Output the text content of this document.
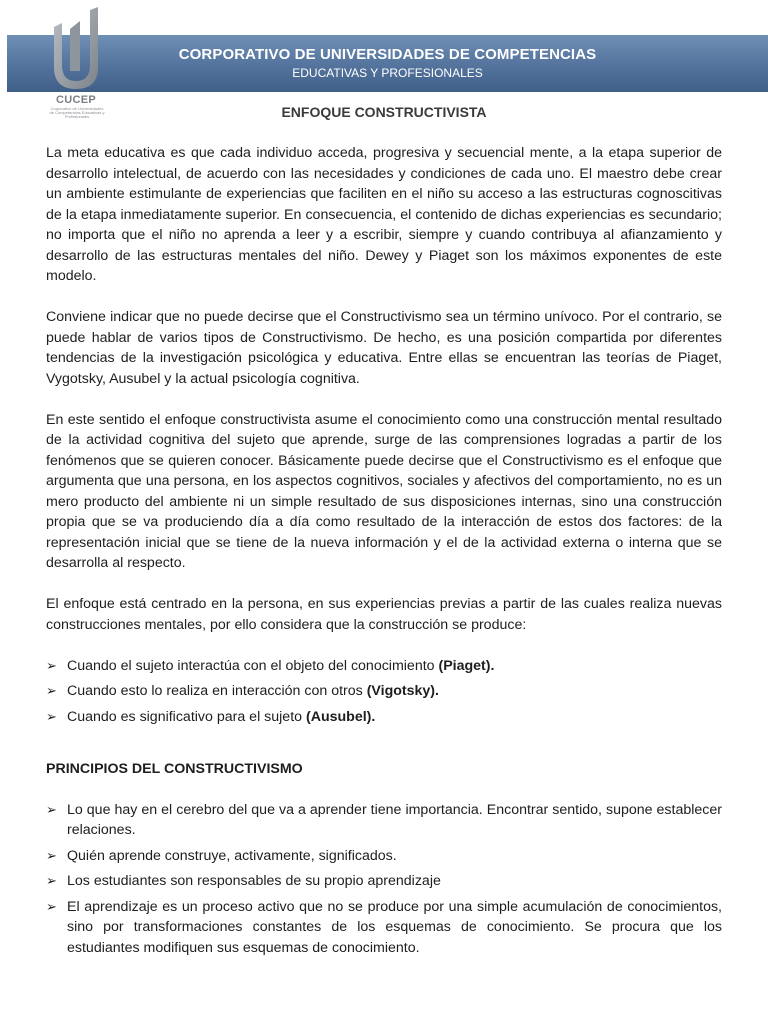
CORPORATIVO DE UNIVERSIDADES DE COMPETENCIAS
EDUCATIVAS Y PROFESIONALES
CUCEP
Corporativo de Universidades de Competencias Educativas y Profesionales	ENFOQUE CONSTRUCTIVISTA

La meta educativa es que cada individuo acceda, progresiva y secuencial mente, a la etapa superior de desarrollo intelectual, de acuerdo con las necesidades y condiciones de cada uno. El maestro debe crear un ambiente estimulante de experiencias que faciliten en el niño su acceso a las estructuras cognoscitivas de la etapa inmediatamente superior. En consecuencia, el contenido de dichas experiencias es secundario; no importa que el niño no aprenda a leer y a escribir, siempre y cuando contribuya al afianzamiento y desarrollo de las estructuras mentales del niño. Dewey y Piaget son los máximos exponentes de este modelo.

Conviene indicar que no puede decirse que el Constructivismo sea un término unívoco. Por el contrario, se puede hablar de varios tipos de Constructivismo. De hecho, es una posición compartida por diferentes tendencias de la investigación psicológica y educativa. Entre ellas se encuentran las teorías de Piaget, Vygotsky, Ausubel y la actual psicología cognitiva.

En este sentido el enfoque constructivista asume el conocimiento como una construcción mental resultado de la actividad cognitiva del sujeto que aprende, surge de las comprensiones logradas a partir de los fenómenos que se quieren conocer. Básicamente puede decirse que el Constructivismo es el enfoque que argumenta que una persona, en los aspectos cognitivos, sociales y afectivos del comportamiento, no es un mero producto del ambiente ni un simple resultado de sus disposiciones internas, sino una construcción propia que se va produciendo día a día como resultado de la interacción de estos dos factores: de la representación inicial que se tiene de la nueva información y el de la actividad externa o interna que se desarrolla al respecto.

El enfoque está centrado en la persona, en sus experiencias previas a partir de las cuales realiza nuevas construcciones mentales, por ello considera que la construcción se produce:

➢ Cuando el sujeto interactúa con el objeto del conocimiento (Piaget).

➢ Cuando esto lo realiza en interacción con otros (Vigotsky).

➢ Cuando es significativo para el sujeto (Ausubel).

PRINCIPIOS DEL CONSTRUCTIVISMO

➢ Lo que hay en el cerebro del que va a aprender tiene importancia. Encontrar sentido, supone establecer relaciones.

➢ Quién aprende construye, activamente, significados.

➢ Los estudiantes son responsables de su propio aprendizaje

➢ El aprendizaje es un proceso activo que no se produce por una simple acumulación de conocimientos, sino por transformaciones constantes de los esquemas de conocimiento. Se procura que los estudiantes modifiquen sus esquemas de conocimiento.
